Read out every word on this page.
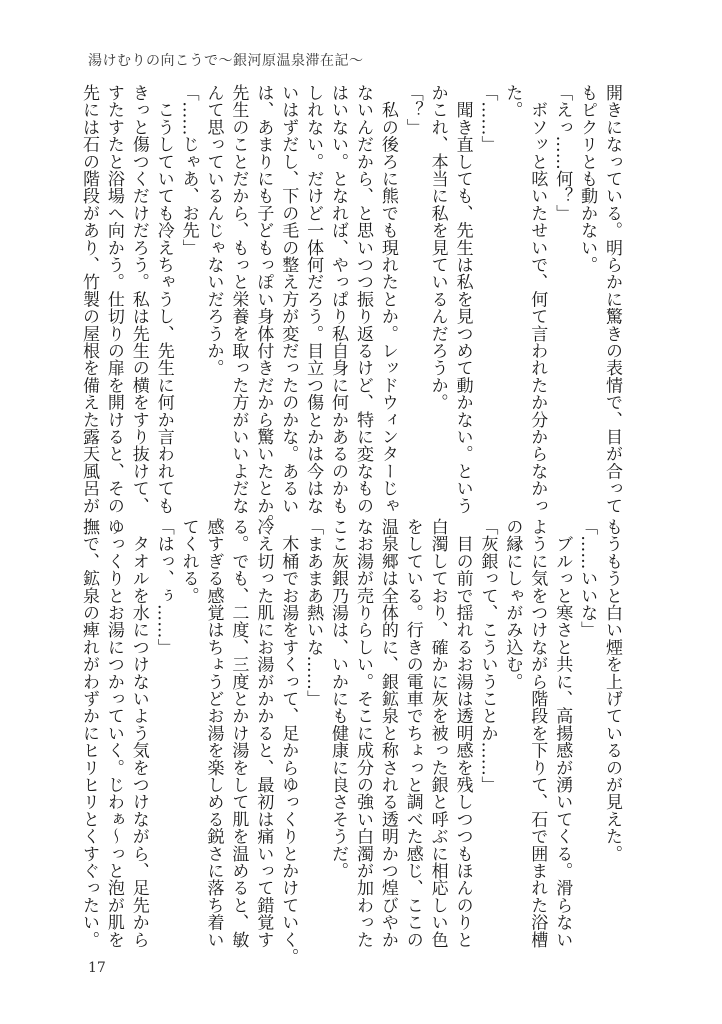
湯けむりの向こうで～銀河原温泉滞在記～
開きになっている。明らかに驚きの表情で、目が合って
もピクリとも動かない。
「えっ……何？」
　ボソッと呟いたせいで、何て言われたか分からなかっ
た。
「……」
　聞き直しても、先生は私を見つめて動かない。という
かこれ、本当に私を見ているんだろうか。
「？」
　私の後ろに熊でも現れたとか。レッドウィンターじゃ
ないんだから、と思いつつ振り返るけど、特に変なもの
はいない。となれば、やっぱり私自身に何かあるのかも
しれない。だけど一体何だろう。目立つ傷とかは今はな
いはずだし、下の毛の整え方が変だったのかな。あるい
は、あまりにも子どもっぽい身体付きだから驚いたとか。
先生のことだから、もっと栄養を取った方がいいよだな
んて思っているんじゃないだろうか。
「……じゃあ、お先」
　こうしていても冷えちゃうし、先生に何か言われても
きっと傷つくだけだろう。私は先生の横をすり抜けて、
すたすたと浴場へ向かう。仕切りの扉を開けると、その
先には石の階段があり、竹製の屋根を備えた露天風呂が
もうもうと白い煙を上げているのが見えた。
「……いいな」
　ブルっと寒さと共に、高揚感が湧いてくる。滑らない
ように気をつけながら階段を下りて、石で囲まれた浴槽
の縁にしゃがみ込む。
「灰銀って、こういうことか……」
　目の前で揺れるお湯は透明感を残しつつもほんのりと
白濁しており、確かに灰を被った銀と呼ぶに相応しい色
をしている。行きの電車でちょっと調べた感じ、ここの
温泉郷は全体的に、銀鉱泉と称される透明かつ煌びやか
なお湯が売りらしい。そこに成分の強い白濁が加わった
ここ灰銀乃湯は、いかにも健康に良さそうだ。
「まあまあ熱いな……」
　木桶でお湯をすくって、足からゆっくりとかけていく。
冷え切った肌にお湯がかかると、最初は痛いって錯覚す
る。でも、二度、三度とかけ湯をして肌を温めると、敏
感すぎる感覚はちょうどお湯を楽しめる鋭さに落ち着い
てくれる。
「はっ、ぅ……」
　タオルを水につけないよう気をつけながら、足先から
ゆっくりとお湯につかっていく。じわぁ～っと泡が肌を
撫で、鉱泉の痺れがわずかにヒリヒリとくすぐったい。
17
